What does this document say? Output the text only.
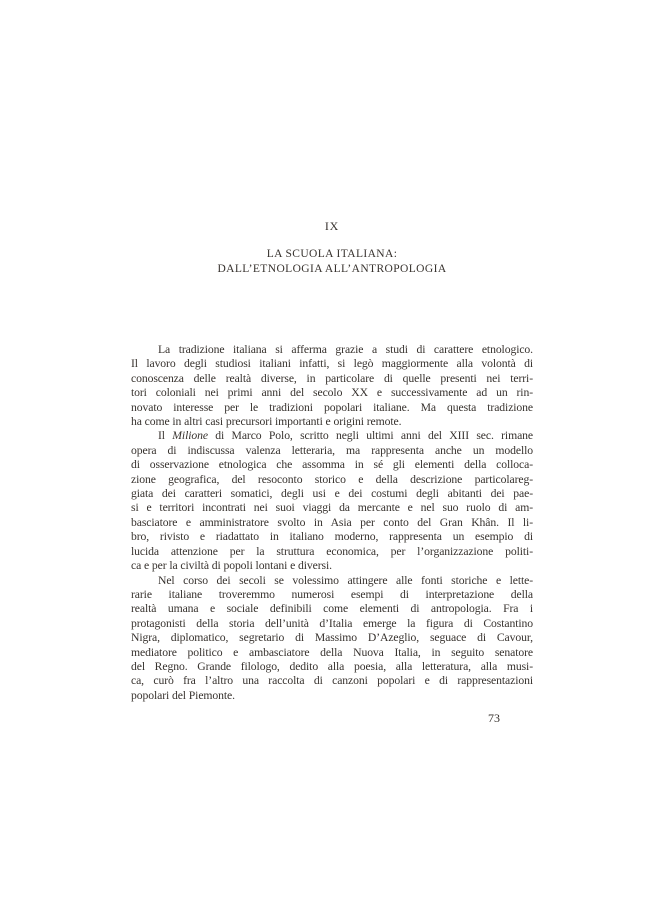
IX
LA SCUOLA ITALIANA:
DALL’ETNOLOGIA ALL’ANTROPOLOGIA
La tradizione italiana si afferma grazie a studi di carattere etnologico.
Il lavoro degli studiosi italiani infatti, si legò maggiormente alla volontà di
conoscenza delle realtà diverse, in particolare di quelle presenti nei terri-
tori coloniali nei primi anni del secolo XX e successivamente ad un rin-
novato interesse per le tradizioni popolari italiane. Ma questa tradizione
ha come in altri casi precursori importanti e origini remote.
Il Milione di Marco Polo, scritto negli ultimi anni del XIII sec. rimane
opera di indiscussa valenza letteraria, ma rappresenta anche un modello
di osservazione etnologica che assomma in sé gli elementi della colloca-
zione geografica, del resoconto storico e della descrizione particolareg-
giata dei caratteri somatici, degli usi e dei costumi degli abitanti dei pae-
si e territori incontrati nei suoi viaggi da mercante e nel suo ruolo di am-
basciatore e amministratore svolto in Asia per conto del Gran Khân. Il li-
bro, rivisto e riadattato in italiano moderno, rappresenta un esempio di
lucida attenzione per la struttura economica, per l’organizzazione politi-
ca e per la civiltà di popoli lontani e diversi.
Nel corso dei secoli se volessimo attingere alle fonti storiche e lette-
rarie italiane troveremmo numerosi esempi di interpretazione della
realtà umana e sociale definibili come elementi di antropologia. Fra i
protagonisti della storia dell’unità d’Italia emerge la figura di Costantino
Nigra, diplomatico, segretario di Massimo D’Azeglio, seguace di Cavour,
mediatore politico e ambasciatore della Nuova Italia, in seguito senatore
del Regno. Grande filologo, dedito alla poesia, alla letteratura, alla musi-
ca, curò fra l’altro una raccolta di canzoni popolari e di rappresentazioni
popolari del Piemonte.
73
